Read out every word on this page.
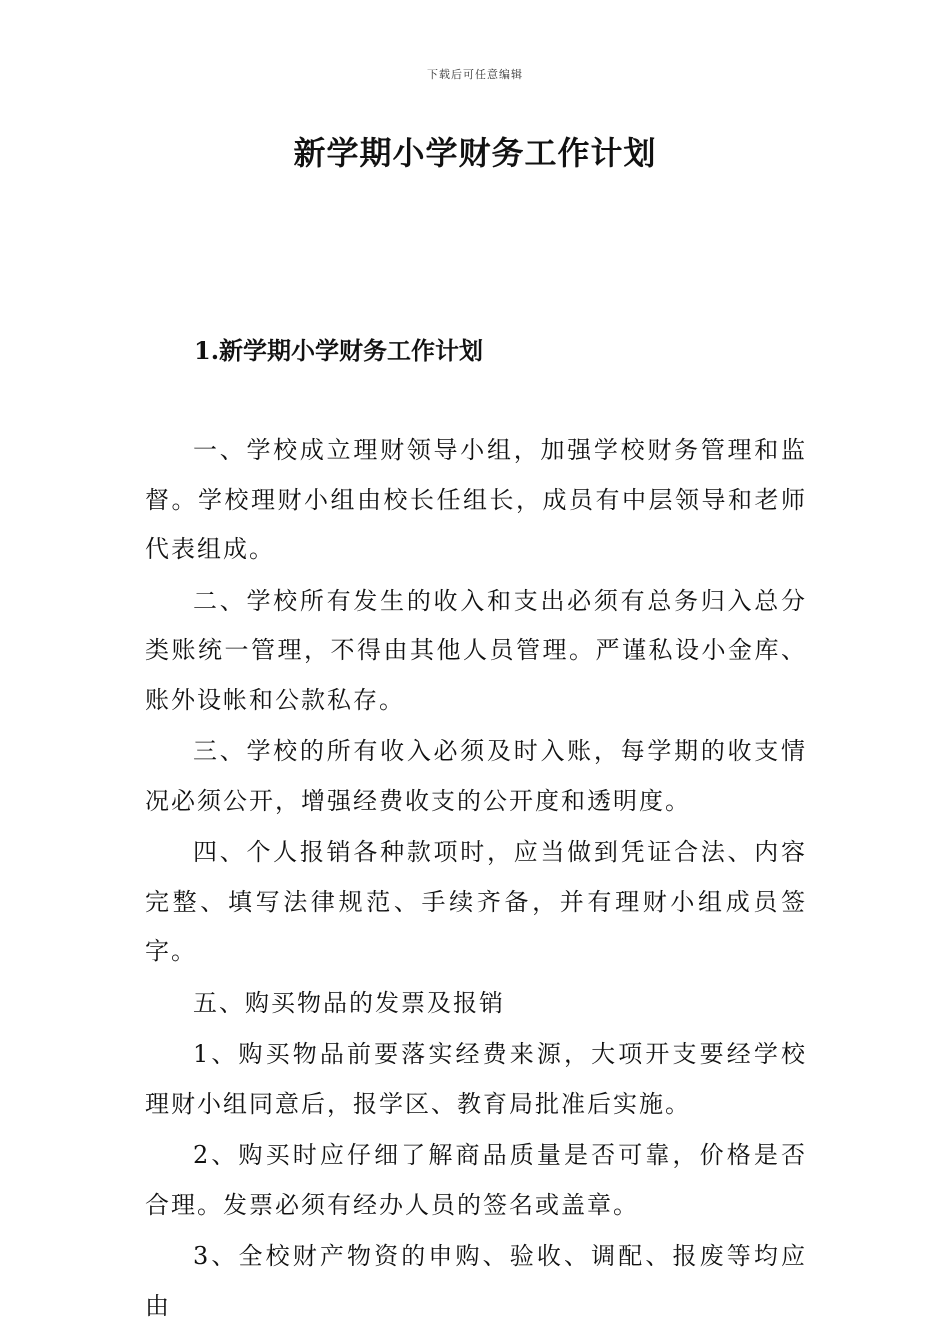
下载后可任意编辑
新学期小学财务工作计划
1.新学期小学财务工作计划

一、学校成立理财领导小组，加强学校财务管理和监督。学校理财小组由校长任组长，成员有中层领导和老师代表组成。

二、学校所有发生的收入和支出必须有总务归入总分类账统一管理，不得由其他人员管理。严谨私设小金库、账外设帐和公款私存。

三、学校的所有收入必须及时入账，每学期的收支情况必须公开，增强经费收支的公开度和透明度。

四、个人报销各种款项时，应当做到凭证合法、内容完整、填写法律规范、手续齐备，并有理财小组成员签字。

五、购买物品的发票及报销

1、购买物品前要落实经费来源，大项开支要经学校理财小组同意后，报学区、教育局批准后实施。

2、购买时应仔细了解商品质量是否可靠，价格是否合理。发票必须有经办人员的签名或盖章。

3、全校财产物资的申购、验收、调配、报废等均应由
